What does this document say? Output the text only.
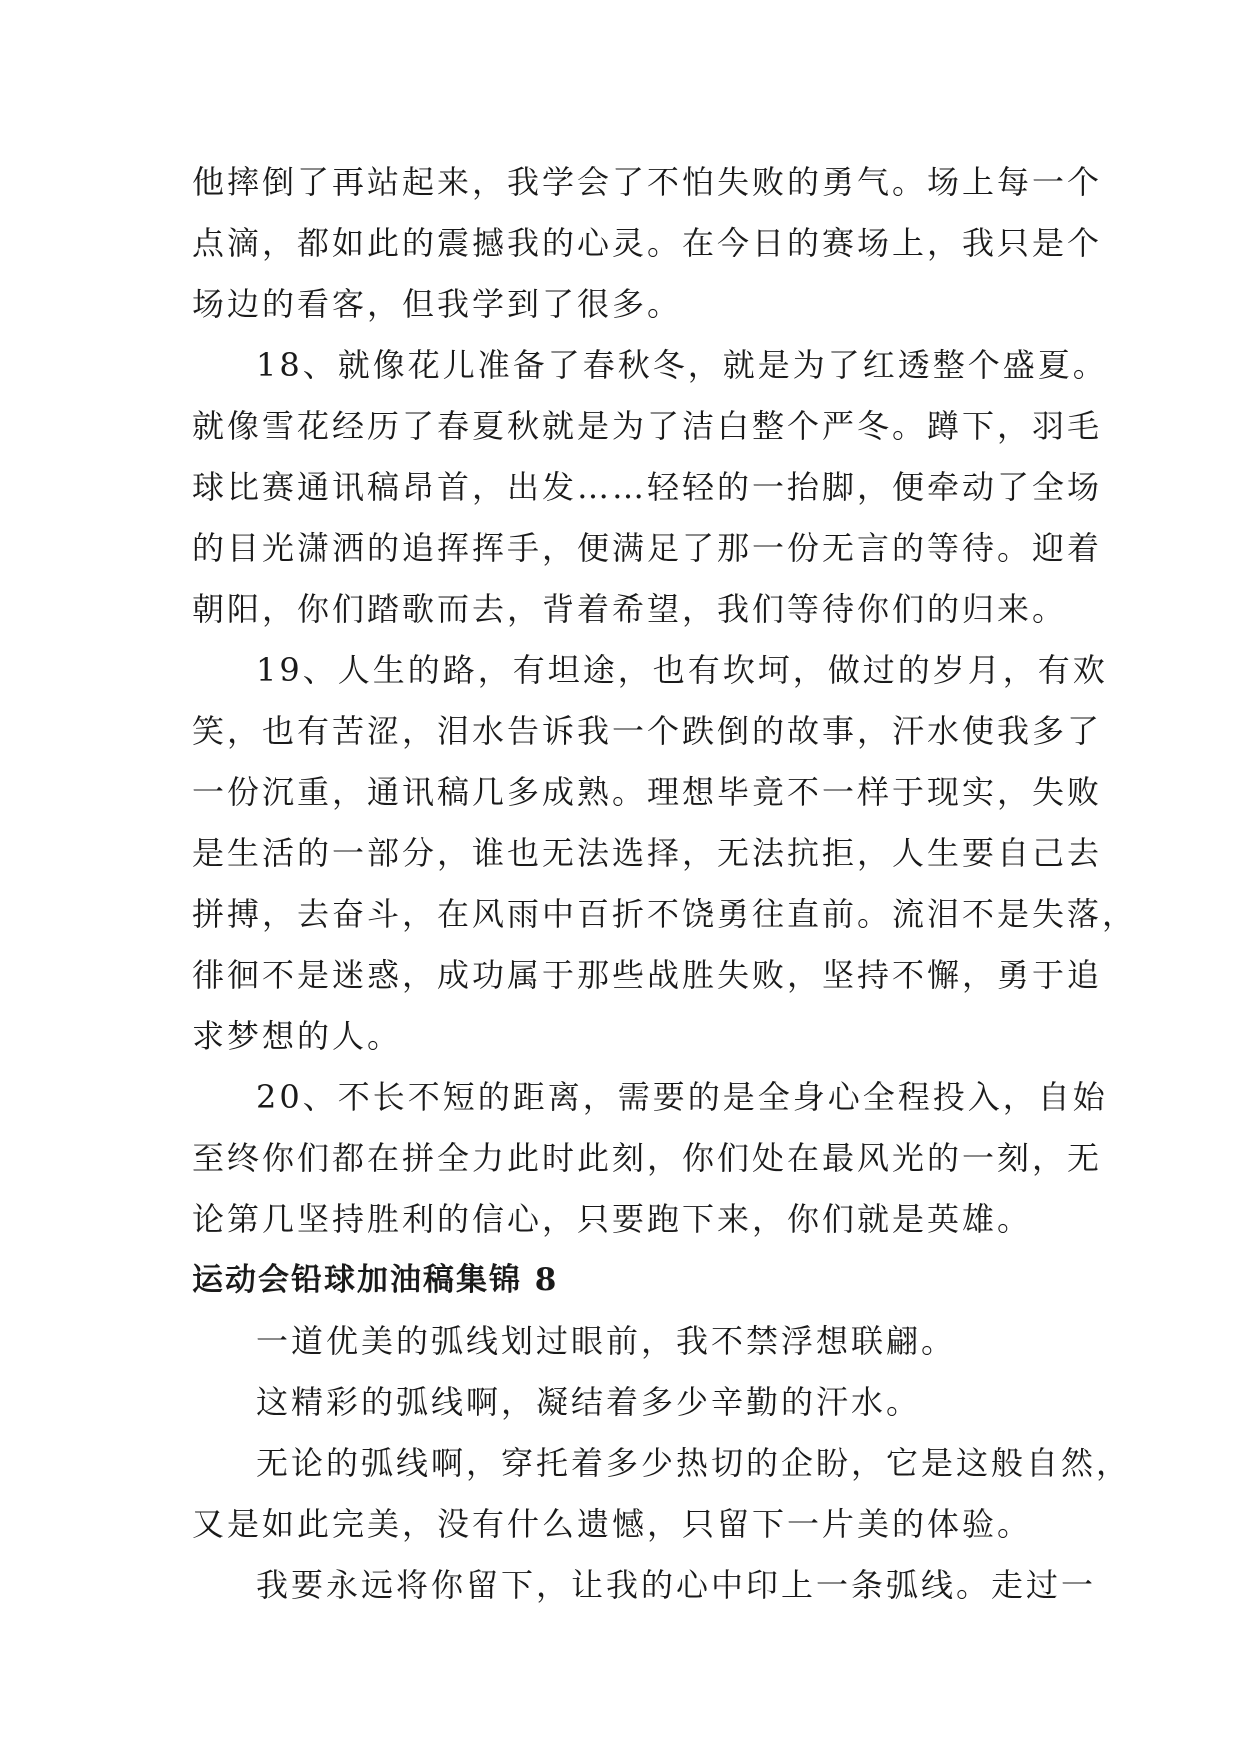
他摔倒了再站起来，我学会了不怕失败的勇气。场上每一个
点滴，都如此的震撼我的心灵。在今日的赛场上，我只是个
场边的看客，但我学到了很多。

18、就像花儿准备了春秋冬，就是为了红透整个盛夏。
就像雪花经历了春夏秋就是为了洁白整个严冬。蹲下，羽毛
球比赛通讯稿昂首，出发……轻轻的一抬脚，便牵动了全场
的目光潇洒的追挥挥手，便满足了那一份无言的等待。迎着
朝阳，你们踏歌而去，背着希望，我们等待你们的归来。

19、人生的路，有坦途，也有坎坷，做过的岁月，有欢
笑，也有苦涩，泪水告诉我一个跌倒的故事，汗水使我多了
一份沉重，通讯稿几多成熟。理想毕竟不一样于现实，失败
是生活的一部分，谁也无法选择，无法抗拒，人生要自己去
拼搏，去奋斗，在风雨中百折不饶勇往直前。流泪不是失落，
徘徊不是迷惑，成功属于那些战胜失败，坚持不懈，勇于追
求梦想的人。

20、不长不短的距离，需要的是全身心全程投入，自始
至终你们都在拼全力此时此刻，你们处在最风光的一刻，无
论第几坚持胜利的信心，只要跑下来，你们就是英雄。

运动会铅球加油稿集锦 8

一道优美的弧线划过眼前，我不禁浮想联翩。

这精彩的弧线啊，凝结着多少辛勤的汗水。

无论的弧线啊，穿托着多少热切的企盼，它是这般自然，
又是如此完美，没有什么遗憾，只留下一片美的体验。

我要永远将你留下，让我的心中印上一条弧线。走过一
